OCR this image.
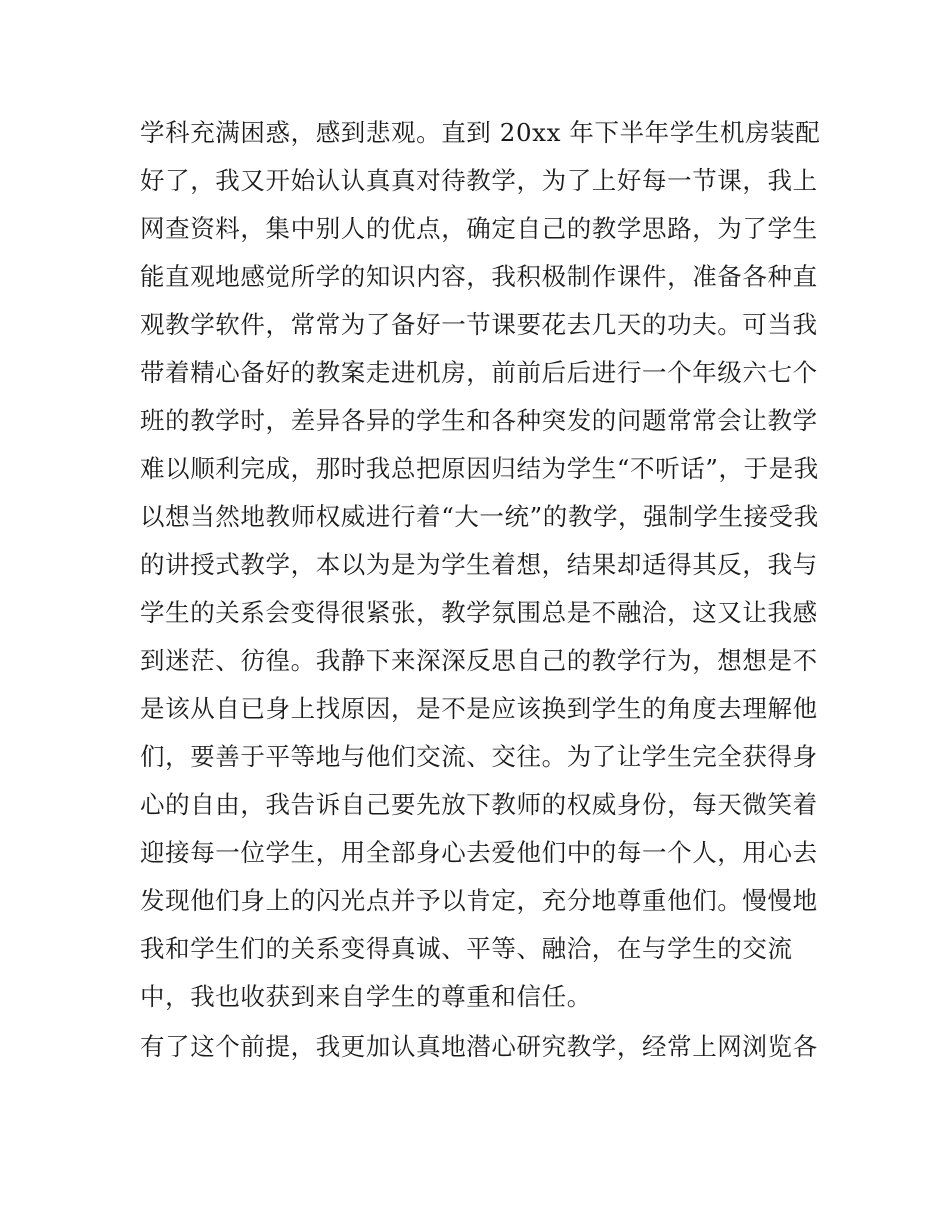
学科充满困惑，感到悲观。直到 20xx 年下半年学生机房装配
好了，我又开始认认真真对待教学，为了上好每一节课，我上
网查资料，集中别人的优点，确定自己的教学思路，为了学生
能直观地感觉所学的知识内容，我积极制作课件，准备各种直
观教学软件，常常为了备好一节课要花去几天的功夫。可当我
带着精心备好的教案走进机房，前前后后进行一个年级六七个
班的教学时，差异各异的学生和各种突发的问题常常会让教学
难以顺利完成，那时我总把原因归结为学生“不听话”，于是我
以想当然地教师权威进行着“大一统”的教学，强制学生接受我
的讲授式教学，本以为是为学生着想，结果却适得其反，我与
学生的关系会变得很紧张，教学氛围总是不融洽，这又让我感
到迷茫、彷徨。我静下来深深反思自己的教学行为，想想是不
是该从自已身上找原因，是不是应该换到学生的角度去理解他
们，要善于平等地与他们交流、交往。为了让学生完全获得身
心的自由，我告诉自己要先放下教师的权威身份，每天微笑着
迎接每一位学生，用全部身心去爱他们中的每一个人，用心去
发现他们身上的闪光点并予以肯定，充分地尊重他们。慢慢地
我和学生们的关系变得真诚、平等、融洽，在与学生的交流
中，我也收获到来自学生的尊重和信任。
有了这个前提，我更加认真地潜心研究教学，经常上网浏览各
